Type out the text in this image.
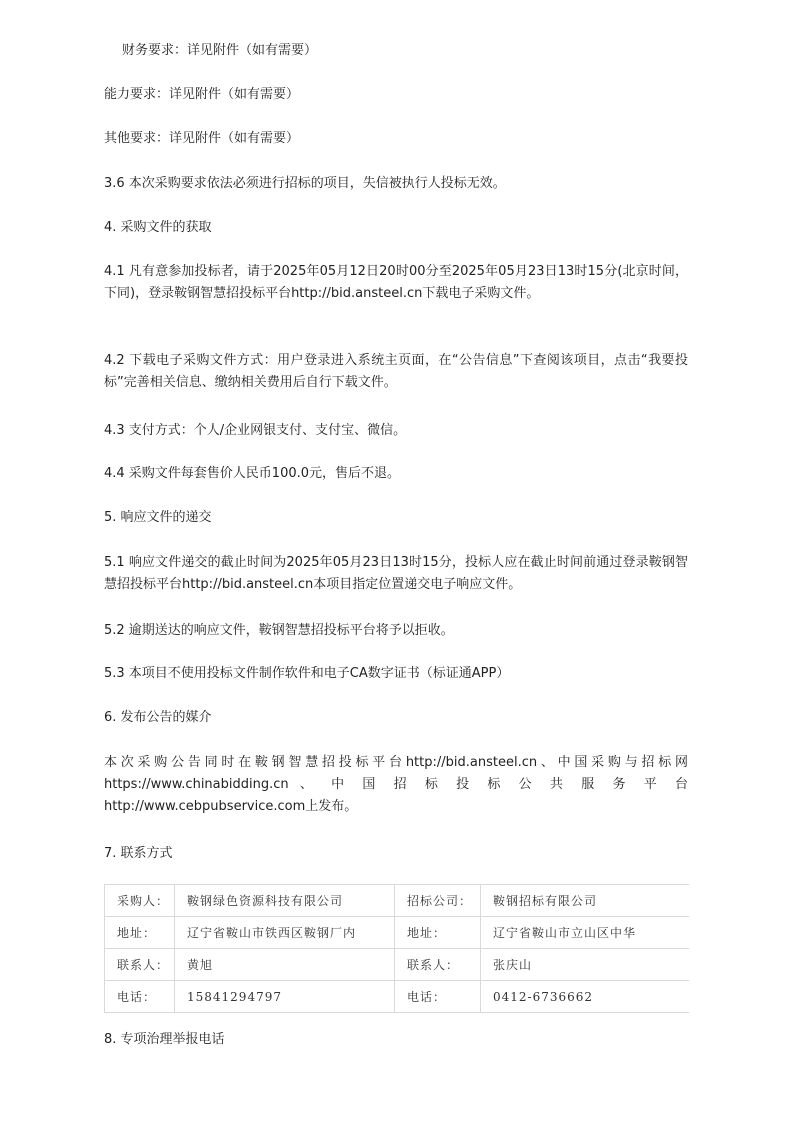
财务要求：详见附件（如有需要）

能力要求：详见附件（如有需要）

其他要求：详见附件（如有需要）

3.6 本次采购要求依法必须进行招标的项目，失信被执行人投标无效。

4. 采购文件的获取

4.1 凡有意参加投标者，请于2025年05月12日20时00分至2025年05月23日13时15分(北京时间，下同)，登录鞍钢智慧招投标平台http://bid.ansteel.cn下载电子采购文件。

4.2 下载电子采购文件方式：用户登录进入系统主页面，在“公告信息”下查阅该项目，点击“我要投标”完善相关信息、缴纳相关费用后自行下载文件。

4.3 支付方式：个人/企业网银支付、支付宝、微信。

4.4 采购文件每套售价人民币100.0元，售后不退。

5. 响应文件的递交

5.1 响应文件递交的截止时间为2025年05月23日13时15分，投标人应在截止时间前通过登录鞍钢智慧招投标平台http://bid.ansteel.cn本项目指定位置递交电子响应文件。

5.2 逾期送达的响应文件，鞍钢智慧招投标平台将予以拒收。

5.3 本项目不使用投标文件制作软件和电子CA数字证书（标证通APP）

6. 发布公告的媒介

本次采购公告同时在鞍钢智慧招投标平台http://bid.ansteel.cn、中国采购与招标网https://www.chinabidding.cn 、 中 国 招 标 投 标 公 共 服 务 平 台http://www.cebpubservice.com上发布。

7. 联系方式

采购人：	鞍钢绿色资源科技有限公司	招标公司：	鞍钢招标有限公司
地址：	辽宁省鞍山市铁西区鞍钢厂内	地址：	辽宁省鞍山市立山区中华
联系人：	黄旭	联系人：	张庆山
电话：	15841294797	电话：	0412-6736662

8. 专项治理举报电话
